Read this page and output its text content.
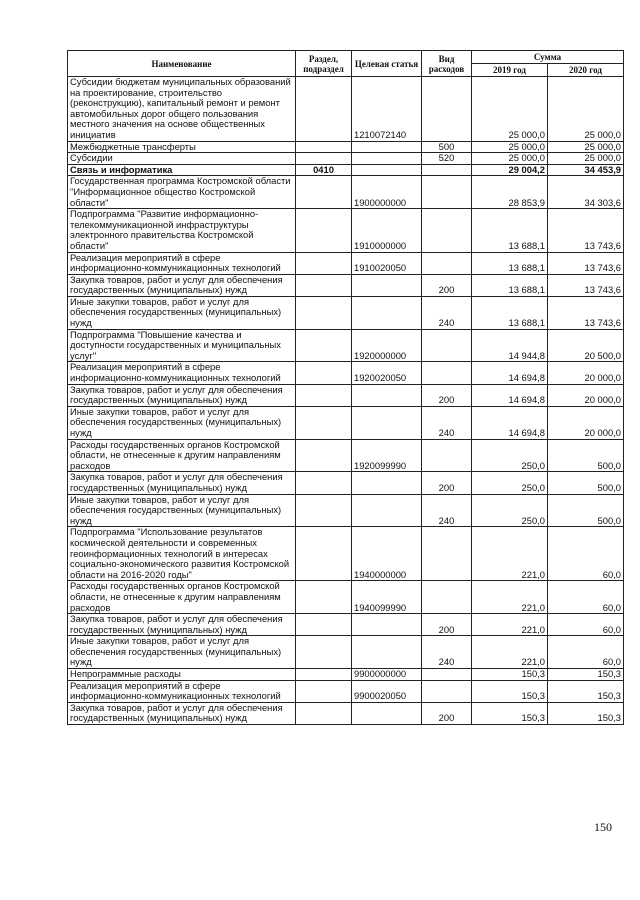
Наименование	Раздел, подраздел	Целевая статья	Вид расходов	Сумма	
				2019 год	2020 год
Субсидии бюджетам муниципальных образований на проектирование, строительство (реконструкцию), капитальный ремонт и ремонт автомобильных дорог общего пользования местного значения на основе общественных инициатив		1210072140		25 000,0	25 000,0
Межбюджетные трансферты			500	25 000,0	25 000,0
Субсидии			520	25 000,0	25 000,0
Связь и информатика	0410			29 004,2	34 453,9
Государственная программа Костромской области "Информационное общество Костромской области"		1900000000		28 853,9	34 303,6
Подпрограмма "Развитие информационно-телекоммуникационной инфраструктуры электронного правительства Костромской области"		1910000000		13 688,1	13 743,6
Реализация мероприятий в сфере информационно-коммуникационных технологий		1910020050		13 688,1	13 743,6
Закупка товаров, работ и услуг для обеспечения государственных (муниципальных) нужд			200	13 688,1	13 743,6
Иные закупки товаров, работ и услуг для обеспечения государственных (муниципальных) нужд			240	13 688,1	13 743,6
Подпрограмма "Повышение качества и доступности государственных и муниципальных услуг"		1920000000		14 944,8	20 500,0
Реализация мероприятий в сфере информационно-коммуникационных технологий		1920020050		14 694,8	20 000,0
Закупка товаров, работ и услуг для обеспечения государственных (муниципальных) нужд			200	14 694,8	20 000,0
Иные закупки товаров, работ и услуг для обеспечения государственных (муниципальных) нужд			240	14 694,8	20 000,0
Расходы государственных органов Костромской области, не отнесенные к другим направлениям расходов		1920099990		250,0	500,0
Закупка товаров, работ и услуг для обеспечения государственных (муниципальных) нужд			200	250,0	500,0
Иные закупки товаров, работ и услуг для обеспечения государственных (муниципальных) нужд			240	250,0	500,0
Подпрограмма "Использование результатов космической деятельности и современных геоинформационных технологий в интересах социально-экономического развития Костромской области на 2016-2020 годы"		1940000000		221,0	60,0
Расходы государственных органов Костромской области, не отнесенные к другим направлениям расходов		1940099990		221,0	60,0
Закупка товаров, работ и услуг для обеспечения государственных (муниципальных) нужд			200	221,0	60,0
Иные закупки товаров, работ и услуг для обеспечения государственных (муниципальных) нужд			240	221,0	60,0
Непрограммные расходы		9900000000		150,3	150,3
Реализация мероприятий в сфере информационно-коммуникационных технологий		9900020050		150,3	150,3
Закупка товаров, работ и услуг для обеспечения государственных (муниципальных) нужд			200	150,3	150,3
150
